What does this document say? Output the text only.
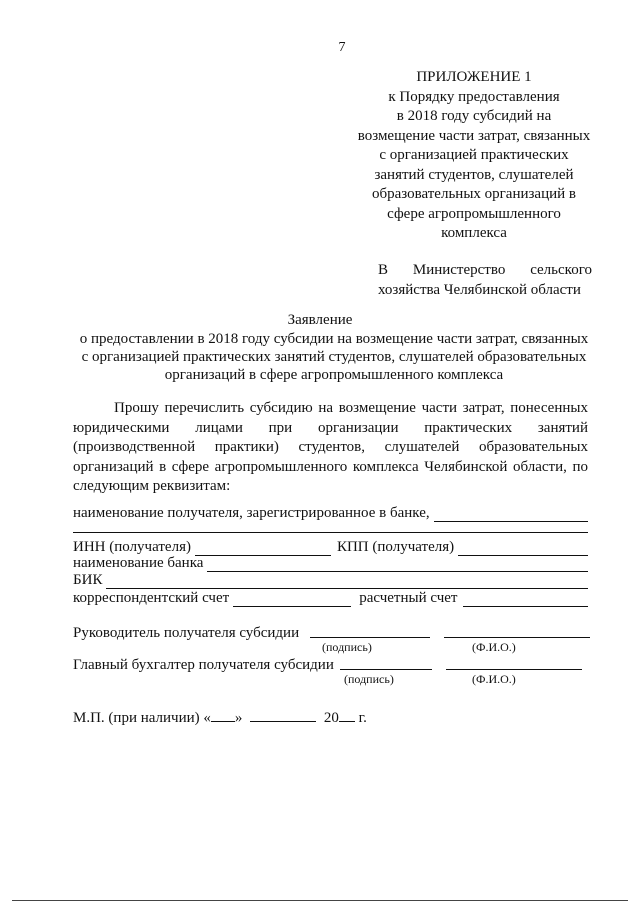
7
ПРИЛОЖЕНИЕ 1
к Порядку предоставления
в 2018 году субсидий на
возмещение части затрат, связанных
с организацией практических
занятий студентов, слушателей
образовательных организаций в
сфере агропромышленного
комплекса
В Министерство сельского
хозяйства Челябинской области
Заявление
о предоставлении в 2018 году субсидии на возмещение части затрат, связанных
с организацией практических занятий студентов, слушателей образовательных
организаций в сфере агропромышленного комплекса
Прошу перечислить субсидию на возмещение части затрат, понесенных
юридическими лицами при организации практических занятий
(производственной практики) студентов, слушателей образовательных
организаций в сфере агропромышленного комплекса Челябинской области, по
следующим реквизитам:
наименование получателя, зарегистрированное в банке,
ИНН (получателя)	КПП (получателя)
наименование банка
БИК
корреспондентский счет	расчетный счет
Руководитель получателя субсидии
(подпись)	(Ф.И.О.)
Главный бухгалтер получателя субсидии
(подпись)	(Ф.И.О.)
М.П. (при наличии) « »	20 г.
